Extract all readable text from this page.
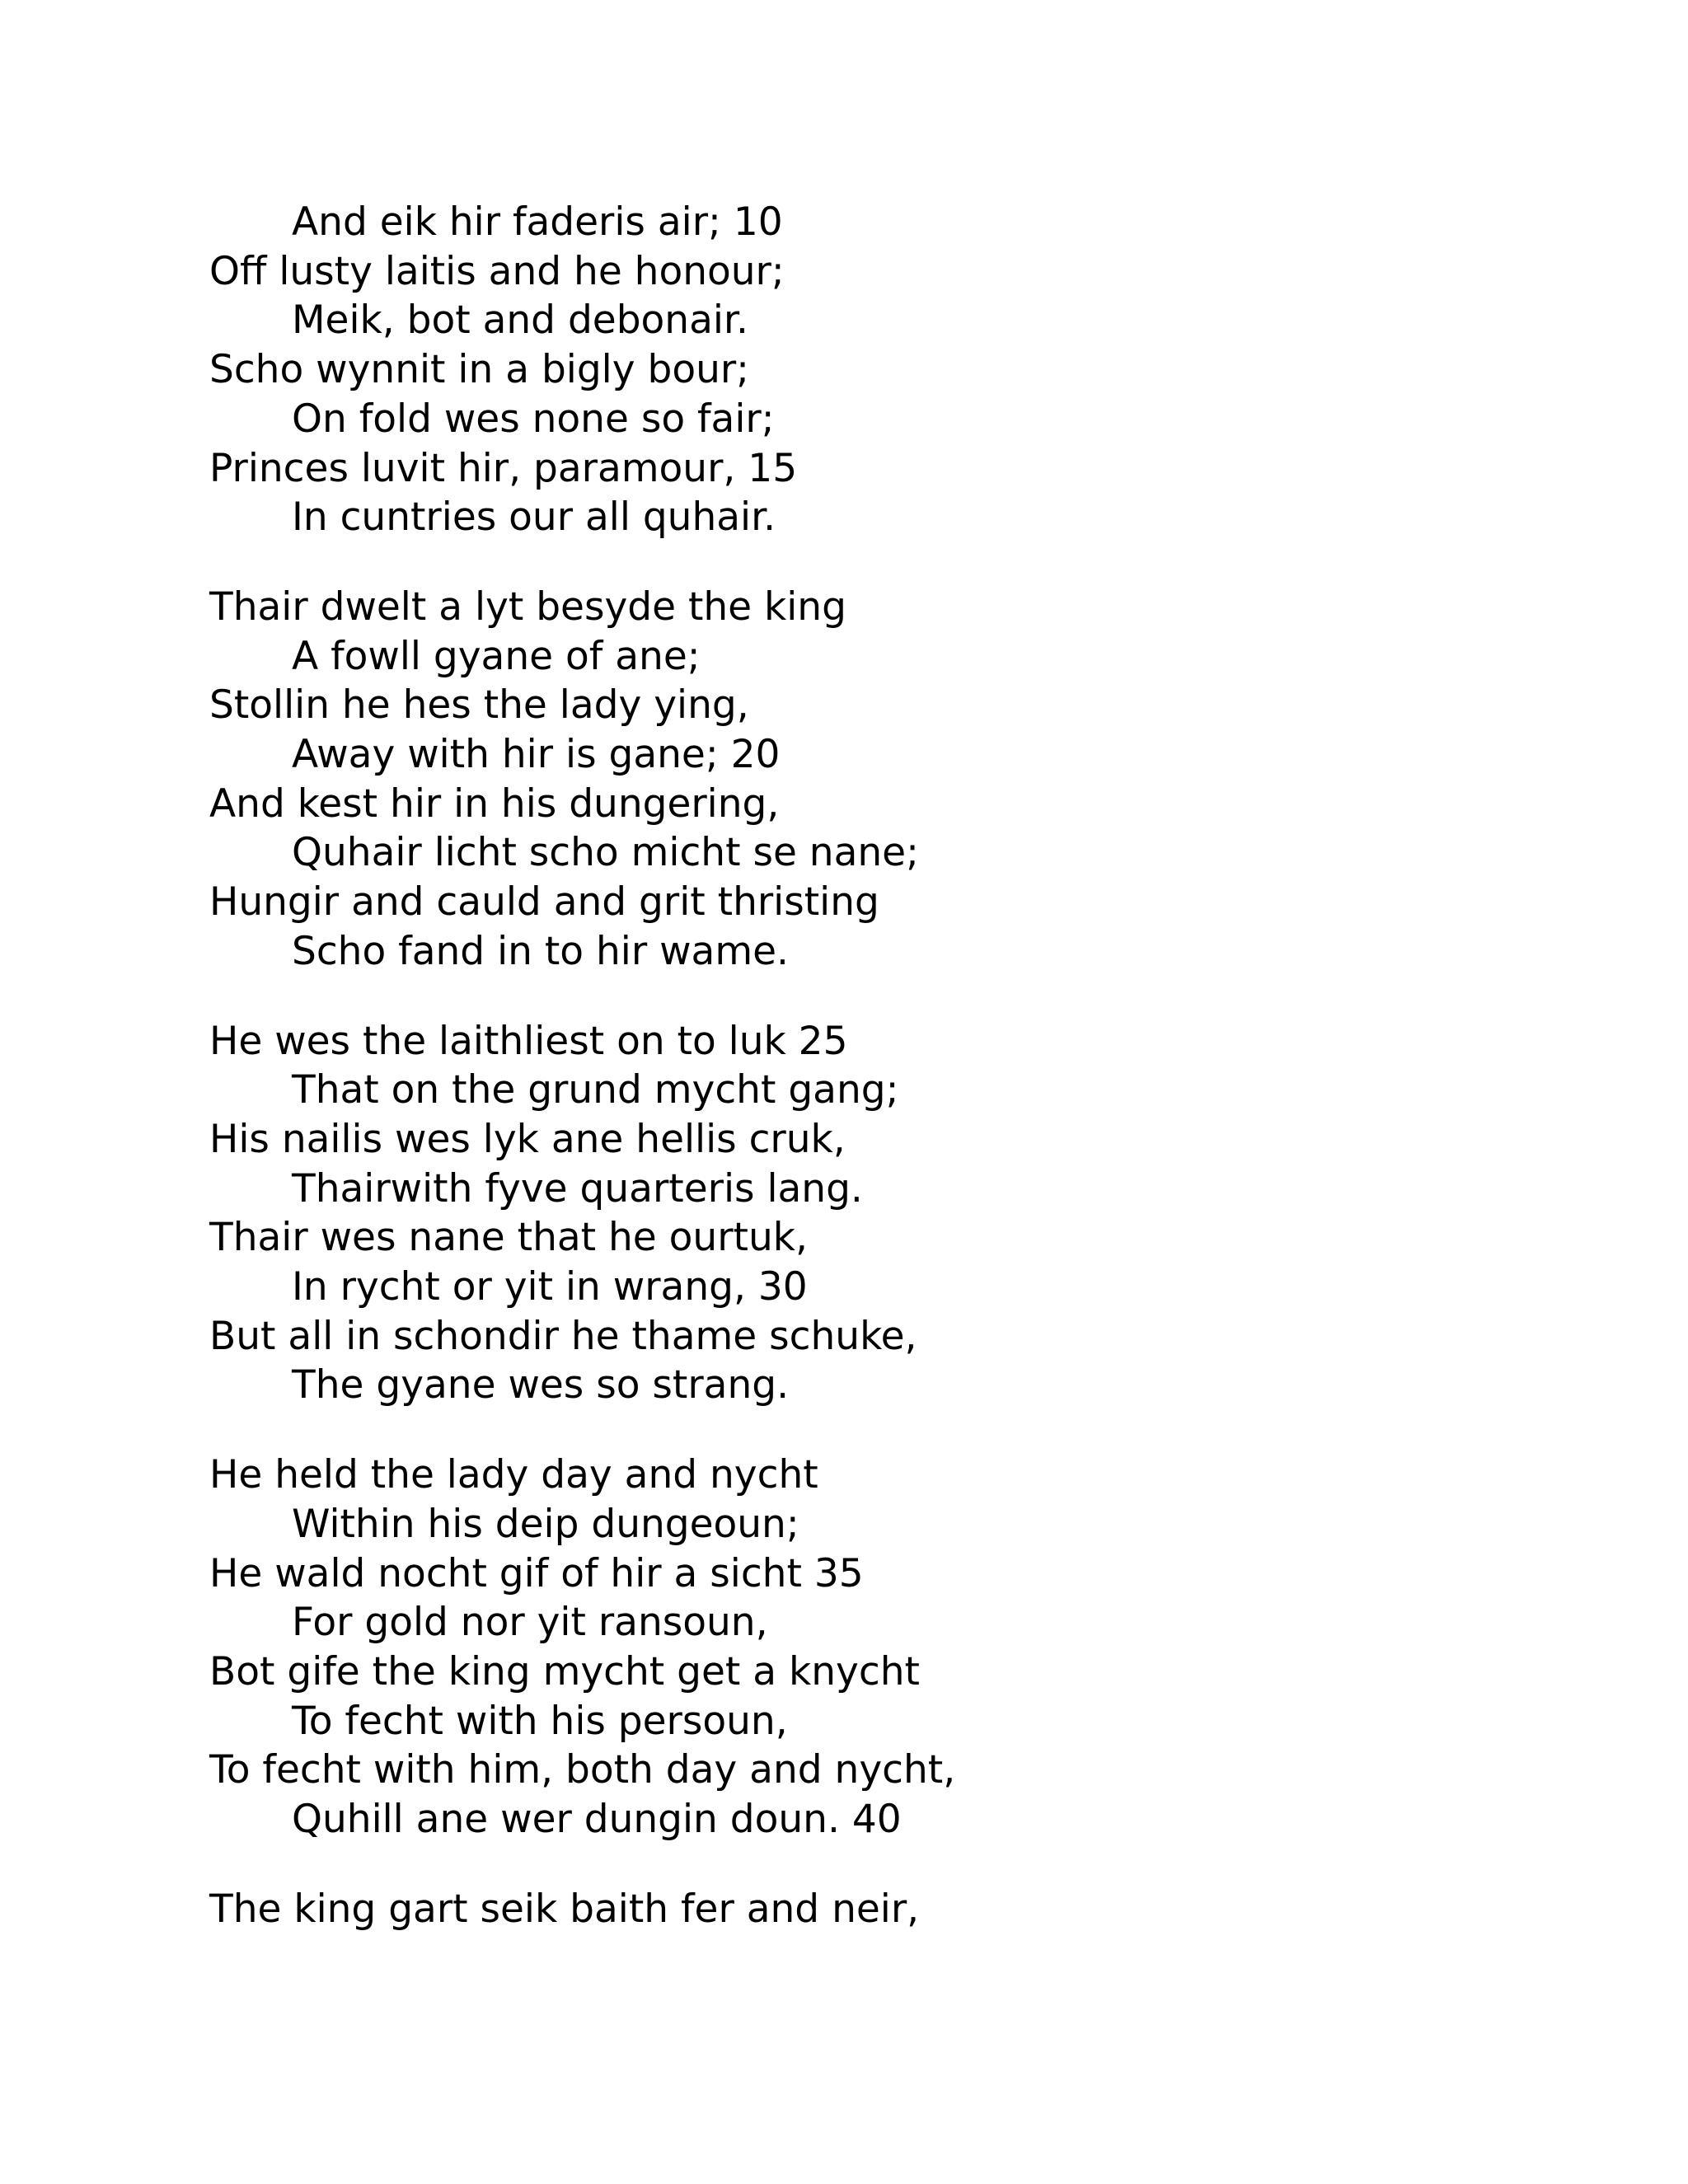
And eik hir faderis air; 10
Off lusty laitis and he honour;
Meik, bot and debonair.
Scho wynnit in a bigly bour;
On fold wes none so fair;
Princes luvit hir, paramour, 15
In cuntries our all quhair.
Thair dwelt a lyt besyde the king
A fowll gyane of ane;
Stollin he hes the lady ying,
Away with hir is gane; 20
And kest hir in his dungering,
Quhair licht scho micht se nane;
Hungir and cauld and grit thristing
Scho fand in to hir wame.
He wes the laithliest on to luk 25
That on the grund mycht gang;
His nailis wes lyk ane hellis cruk,
Thairwith fyve quarteris lang.
Thair wes nane that he ourtuk,
In rycht or yit in wrang, 30
But all in schondir he thame schuke,
The gyane wes so strang.
He held the lady day and nycht
Within his deip dungeoun;
He wald nocht gif of hir a sicht 35
For gold nor yit ransoun,
Bot gife the king mycht get a knycht
To fecht with his persoun,
To fecht with him, both day and nycht,
Quhill ane wer dungin doun. 40
The king gart seik baith fer and neir,
